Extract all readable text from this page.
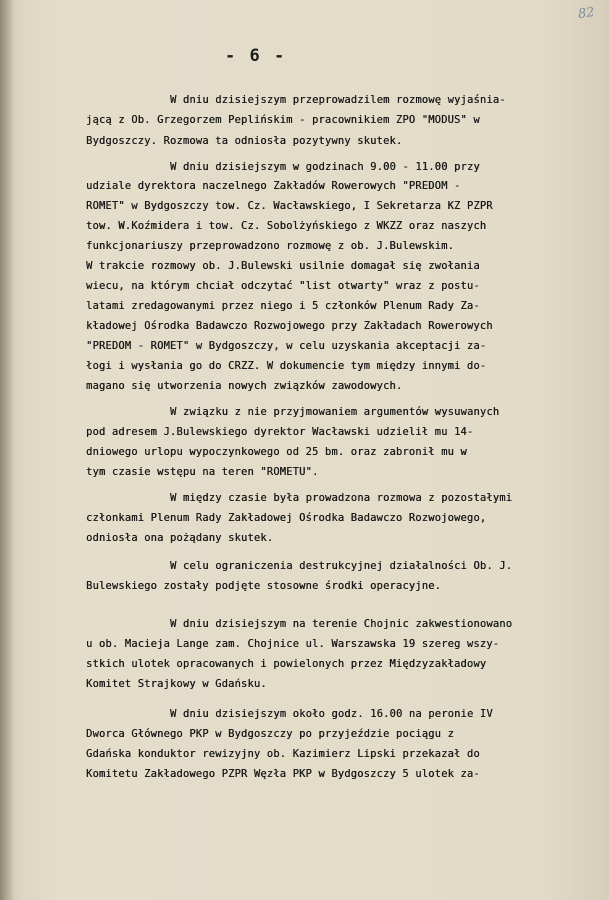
82
- 6 -
W dniu dzisiejszym przeprowadzilem rozmowę wyjaśnia-
jącą z Ob. Grzegorzem Peplińskim - pracownikiem ZPO "MODUS" w
Bydgoszczy. Rozmowa ta odniosła pozytywny skutek.
W dniu dzisiejszym w godzinach 9.00 - 11.00 przy
udziale dyrektora naczelnego Zakładów Rowerowych "PREDOM -
ROMET" w Bydgoszczy tow. Cz. Wacławskiego, I Sekretarza KZ PZPR
tow. W.Koźmidera i tow. Cz. Sobolżyńskiego z WKZZ oraz naszych
funkcjonariuszy przeprowadzono rozmowę z ob. J.Bulewskim.
W trakcie rozmowy ob. J.Bulewski usilnie domagał się zwołania
wiecu, na którym chciał odczytać "list otwarty" wraz z postu-
latami zredagowanymi przez niego i 5 członków Plenum Rady Za-
kładowej Ośrodka Badawczo Rozwojowego przy Zakładach Rowerowych
"PREDOM - ROMET" w Bydgoszczy, w celu uzyskania akceptacji za-
łogi i wysłania go do CRZZ. W dokumencie tym między innymi do-
magano się utworzenia nowych związków zawodowych.
W związku z nie przyjmowaniem argumentów wysuwanych
pod adresem J.Bulewskiego dyrektor Wacławski udzielił mu 14-
dniowego urlopu wypoczynkowego od 25 bm. oraz zabronił mu w
tym czasie wstępu na teren "ROMETU".
W między czasie była prowadzona rozmowa z pozostałymi
członkami Plenum Rady Zakładowej Ośrodka Badawczo Rozwojowego,
odniosła ona pożądany skutek.
W celu ograniczenia destrukcyjnej działalności Ob. J.
Bulewskiego zostały podjęte stosowne środki operacyjne.
W dniu dzisiejszym na terenie Chojnic zakwestionowano
u ob. Macieja Lange zam. Chojnice ul. Warszawska 19 szereg wszy-
stkich ulotek opracowanych i powielonych przez Międzyzakładowy
Komitet Strajkowy w Gdańsku.
W dniu dzisiejszym około godz. 16.00 na peronie IV
Dworca Głównego PKP w Bydgoszczy po przyjeździe pociągu z
Gdańska konduktor rewizyjny ob. Kazimierz Lipski przekazał do
Komitetu Zakładowego PZPR Węzła PKP w Bydgoszczy 5 ulotek za-
